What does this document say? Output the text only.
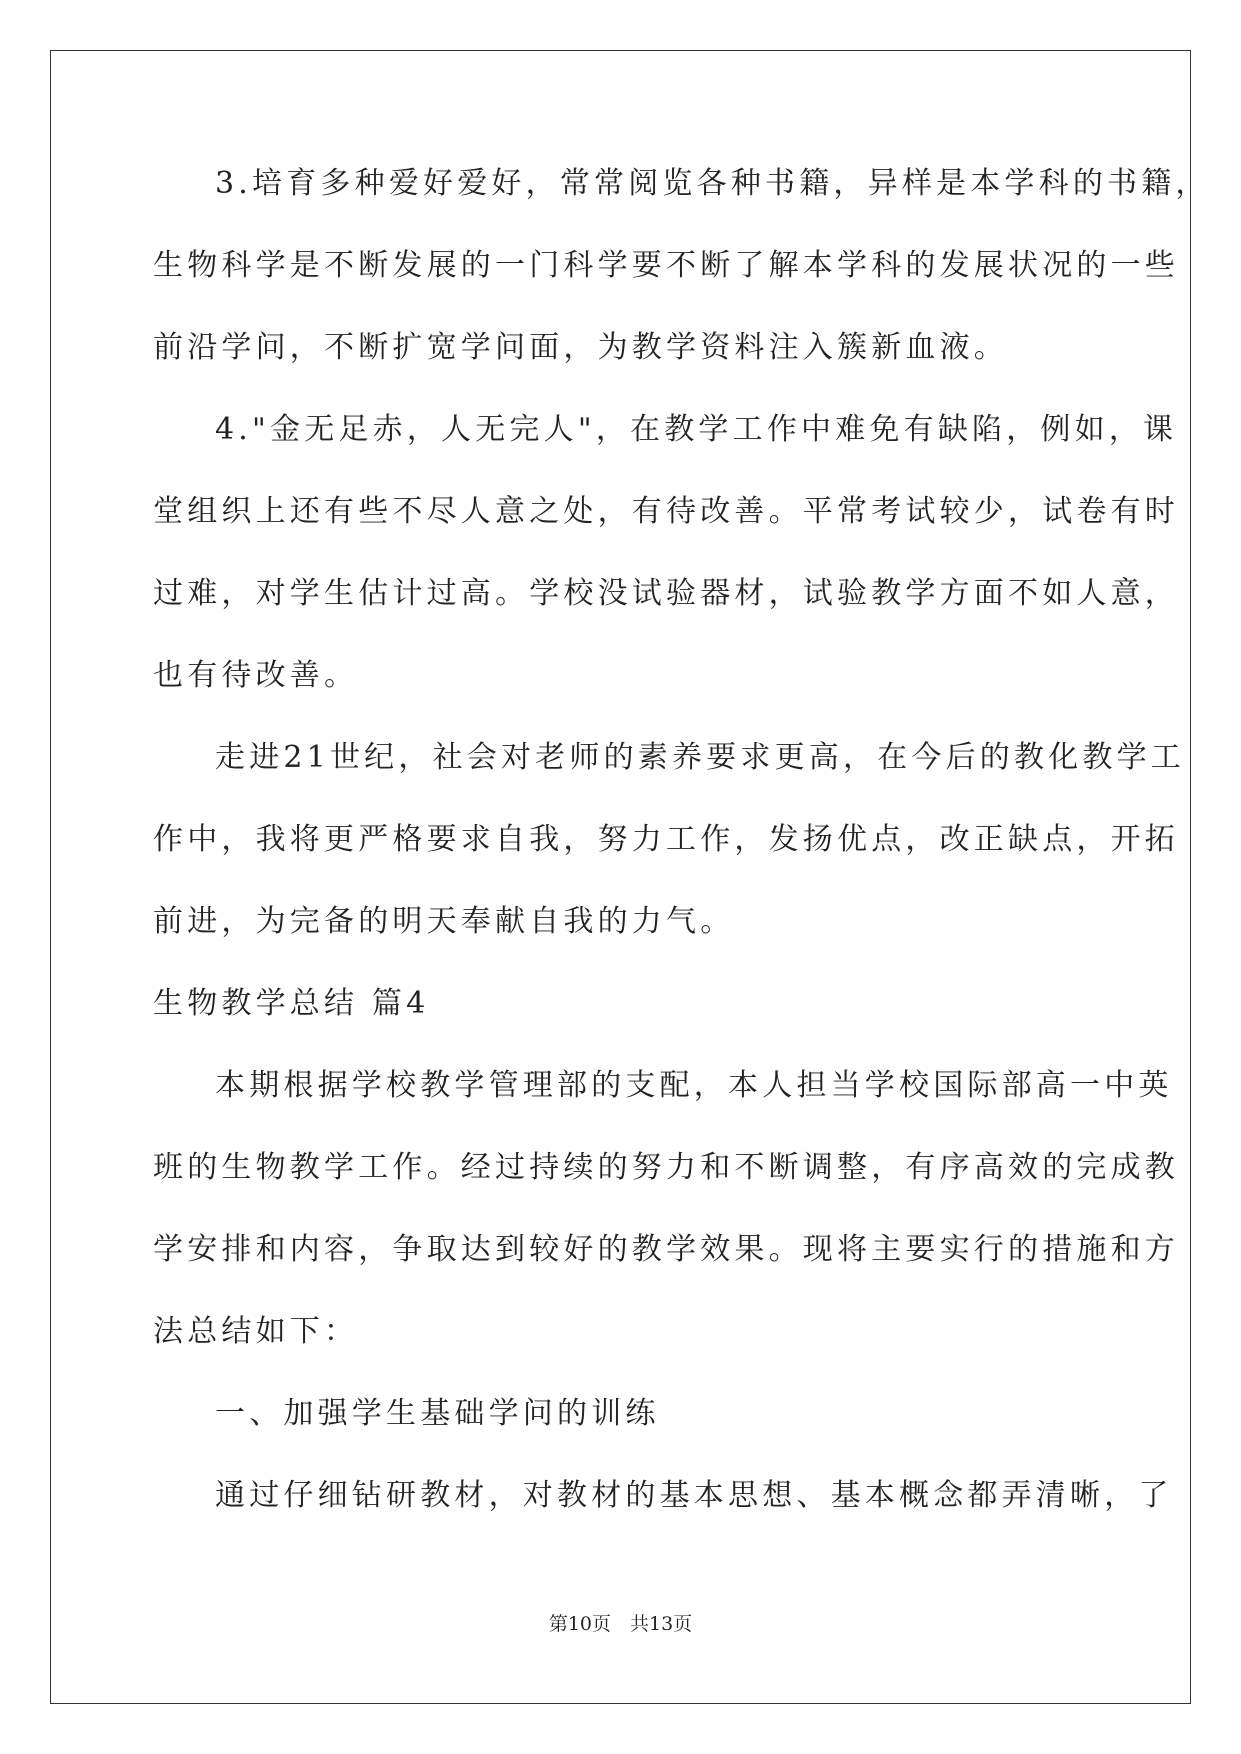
3.培育多种爱好爱好，常常阅览各种书籍，异样是本学科的书籍，
生物科学是不断发展的一门科学要不断了解本学科的发展状况的一些
前沿学问，不断扩宽学问面，为教学资料注入簇新血液。
4."金无足赤，人无完人"，在教学工作中难免有缺陷，例如，课
堂组织上还有些不尽人意之处，有待改善。平常考试较少，试卷有时
过难，对学生估计过高。学校没试验器材，试验教学方面不如人意，
也有待改善。
走进21世纪，社会对老师的素养要求更高，在今后的教化教学工
作中，我将更严格要求自我，努力工作，发扬优点，改正缺点，开拓
前进，为完备的明天奉献自我的力气。
生物教学总结 篇4
本期根据学校教学管理部的支配，本人担当学校国际部高一中英
班的生物教学工作。经过持续的努力和不断调整，有序高效的完成教
学安排和内容，争取达到较好的教学效果。现将主要实行的措施和方
法总结如下：
一、加强学生基础学问的训练
通过仔细钻研教材，对教材的基本思想、基本概念都弄清晰，了
第10页　共13页
